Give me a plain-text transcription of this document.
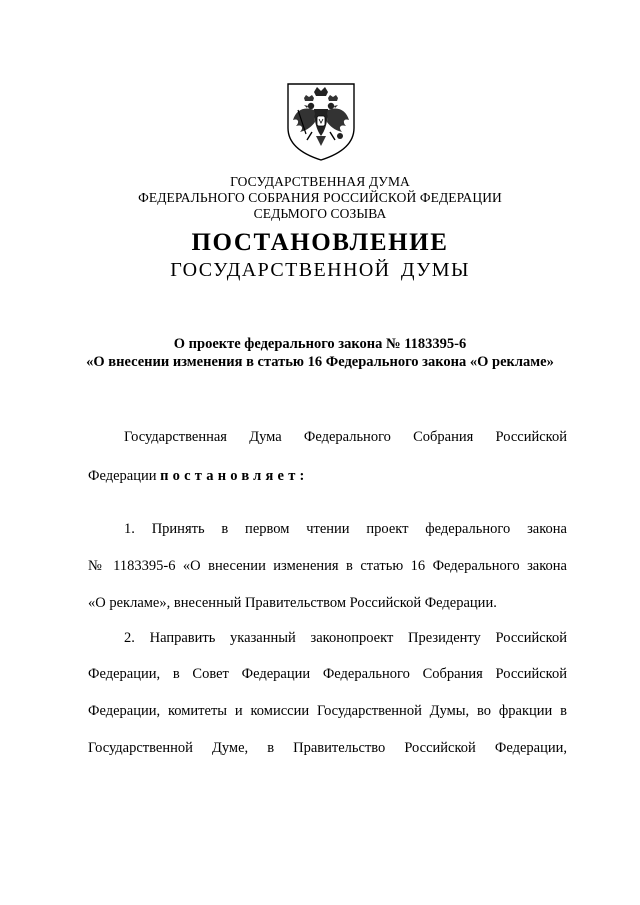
ГОСУДАРСТВЕННАЯ ДУМА
ФЕДЕРАЛЬНОГО СОБРАНИЯ РОССИЙСКОЙ ФЕДЕРАЦИИ
СЕДЬМОГО СОЗЫВА
ПОСТАНОВЛЕНИЕ
ГОСУДАРСТВЕННОЙ ДУМЫ
О проекте федерального закона № 1183395-6
«О внесении изменения в статью 16 Федерального закона «О рекламе»
Государственная Дума Федерального Собрания Российской
Федерации постановляет:
1. Принять в первом чтении проект федерального закона
№ 1183395-6 «О внесении изменения в статью 16 Федерального закона
«О рекламе», внесенный Правительством Российской Федерации.
2. Направить указанный законопроект Президенту Российской
Федерации, в Совет Федерации Федерального Собрания Российской
Федерации, комитеты и комиссии Государственной Думы, во фракции в
Государственной Думе, в Правительство Российской Федерации,
